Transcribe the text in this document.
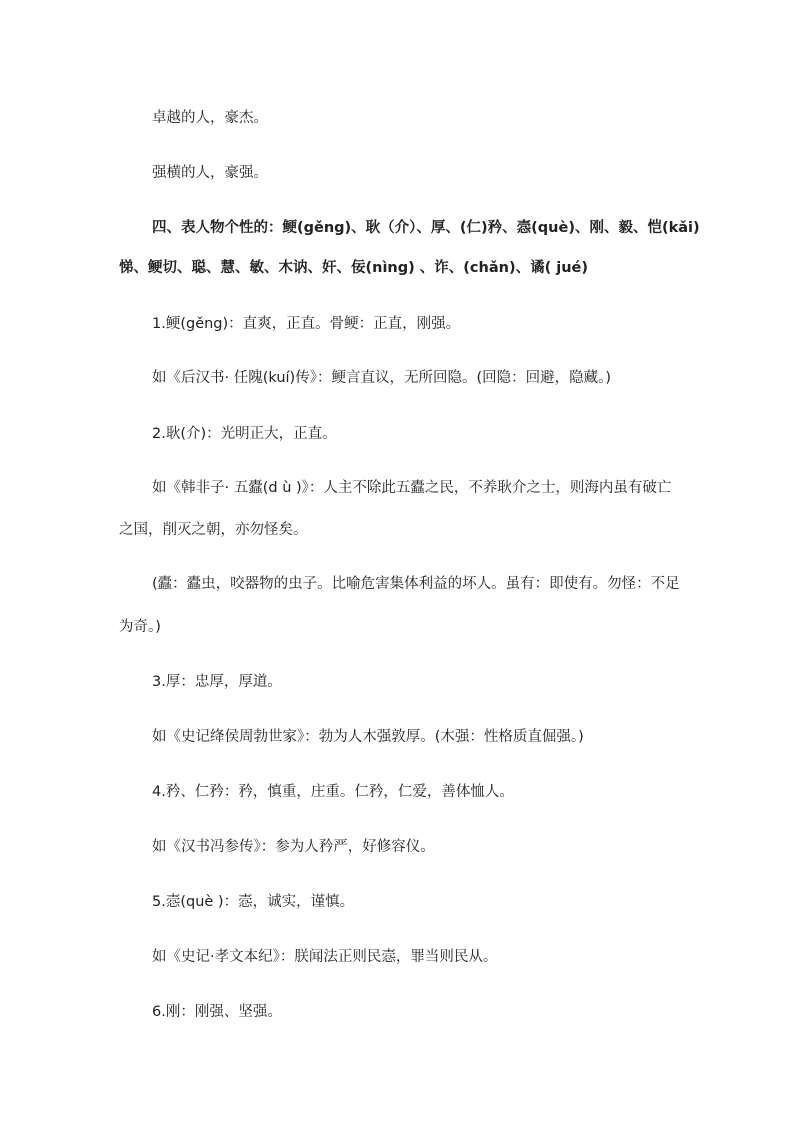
卓越的人，豪杰。
强横的人，豪强。
四、表人物个性的：鲠(gěng)、耿（介）、厚、(仁)矜、悫(què)、刚、毅、恺(kǎi)
悌、鲠切、聪、慧、敏、木讷、奸、佞(nìng) 、诈、(chǎn)、谲( jué)
1.鲠(gěng)：直爽，正直。骨鲠：正直，刚强。
如《后汉书· 任隗(kuí)传》：鲠言直议，无所回隐。(回隐：回避，隐藏。)
2.耿(介)：光明正大，正直。
如《韩非子· 五蠹(d ù )》：人主不除此五蠹之民，不养耿介之士，则海内虽有破亡
之国，削灭之朝，亦勿怪矣。
(蠹：蠹虫，咬器物的虫子。比喻危害集体利益的坏人。虽有：即使有。勿怪：不足
为奇。)
3.厚：忠厚，厚道。
如《史记绛侯周勃世家》：勃为人木强敦厚。(木强：性格质直倔强。)
4.矜、仁矜：矜，慎重，庄重。仁矜，仁爱，善体恤人。
如《汉书冯参传》：参为人矜严，好修容仪。
5.悫(què )：悫，诚实，谨慎。
如《史记·孝文本纪》：朕闻法正则民悫，罪当则民从。
6.刚：刚强、坚强。
